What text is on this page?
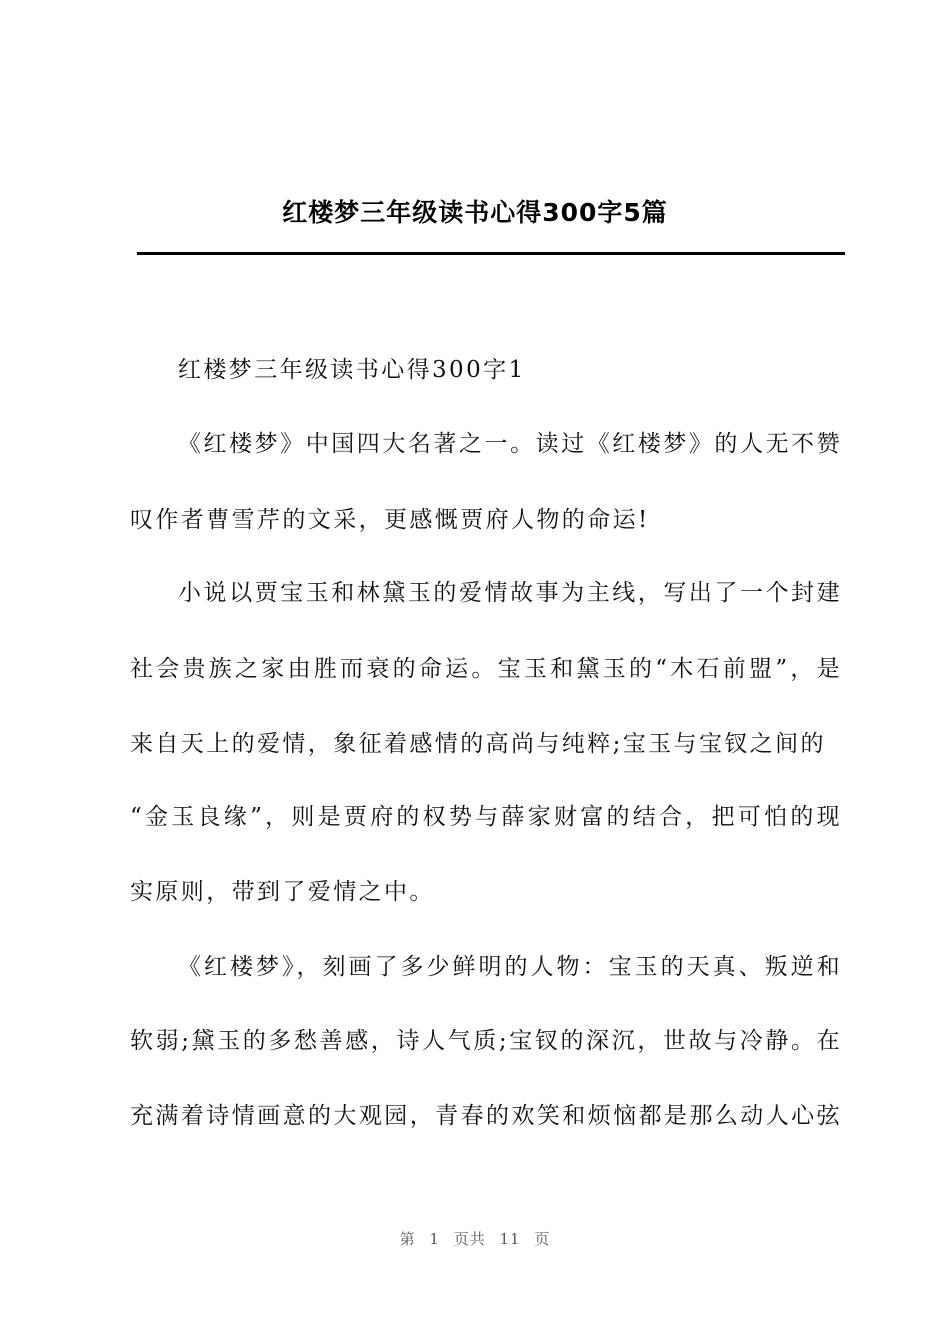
红楼梦三年级读书心得300字5篇
红楼梦三年级读书心得300字1
《红楼梦》中国四大名著之一。读过《红楼梦》的人无不赞
叹作者曹雪芹的文采，更感慨贾府人物的命运!
小说以贾宝玉和林黛玉的爱情故事为主线，写出了一个封建
社会贵族之家由胜而衰的命运。宝玉和黛玉的“木石前盟”，是
来自天上的爱情，象征着感情的高尚与纯粹;宝玉与宝钗之间的
“金玉良缘”，则是贾府的权势与薛家财富的结合，把可怕的现
实原则，带到了爱情之中。
《红楼梦》，刻画了多少鲜明的人物：宝玉的天真、叛逆和
软弱;黛玉的多愁善感，诗人气质;宝钗的深沉，世故与冷静。在
充满着诗情画意的大观园，青春的欢笑和烦恼都是那么动人心弦
第 1 页共 11 页
